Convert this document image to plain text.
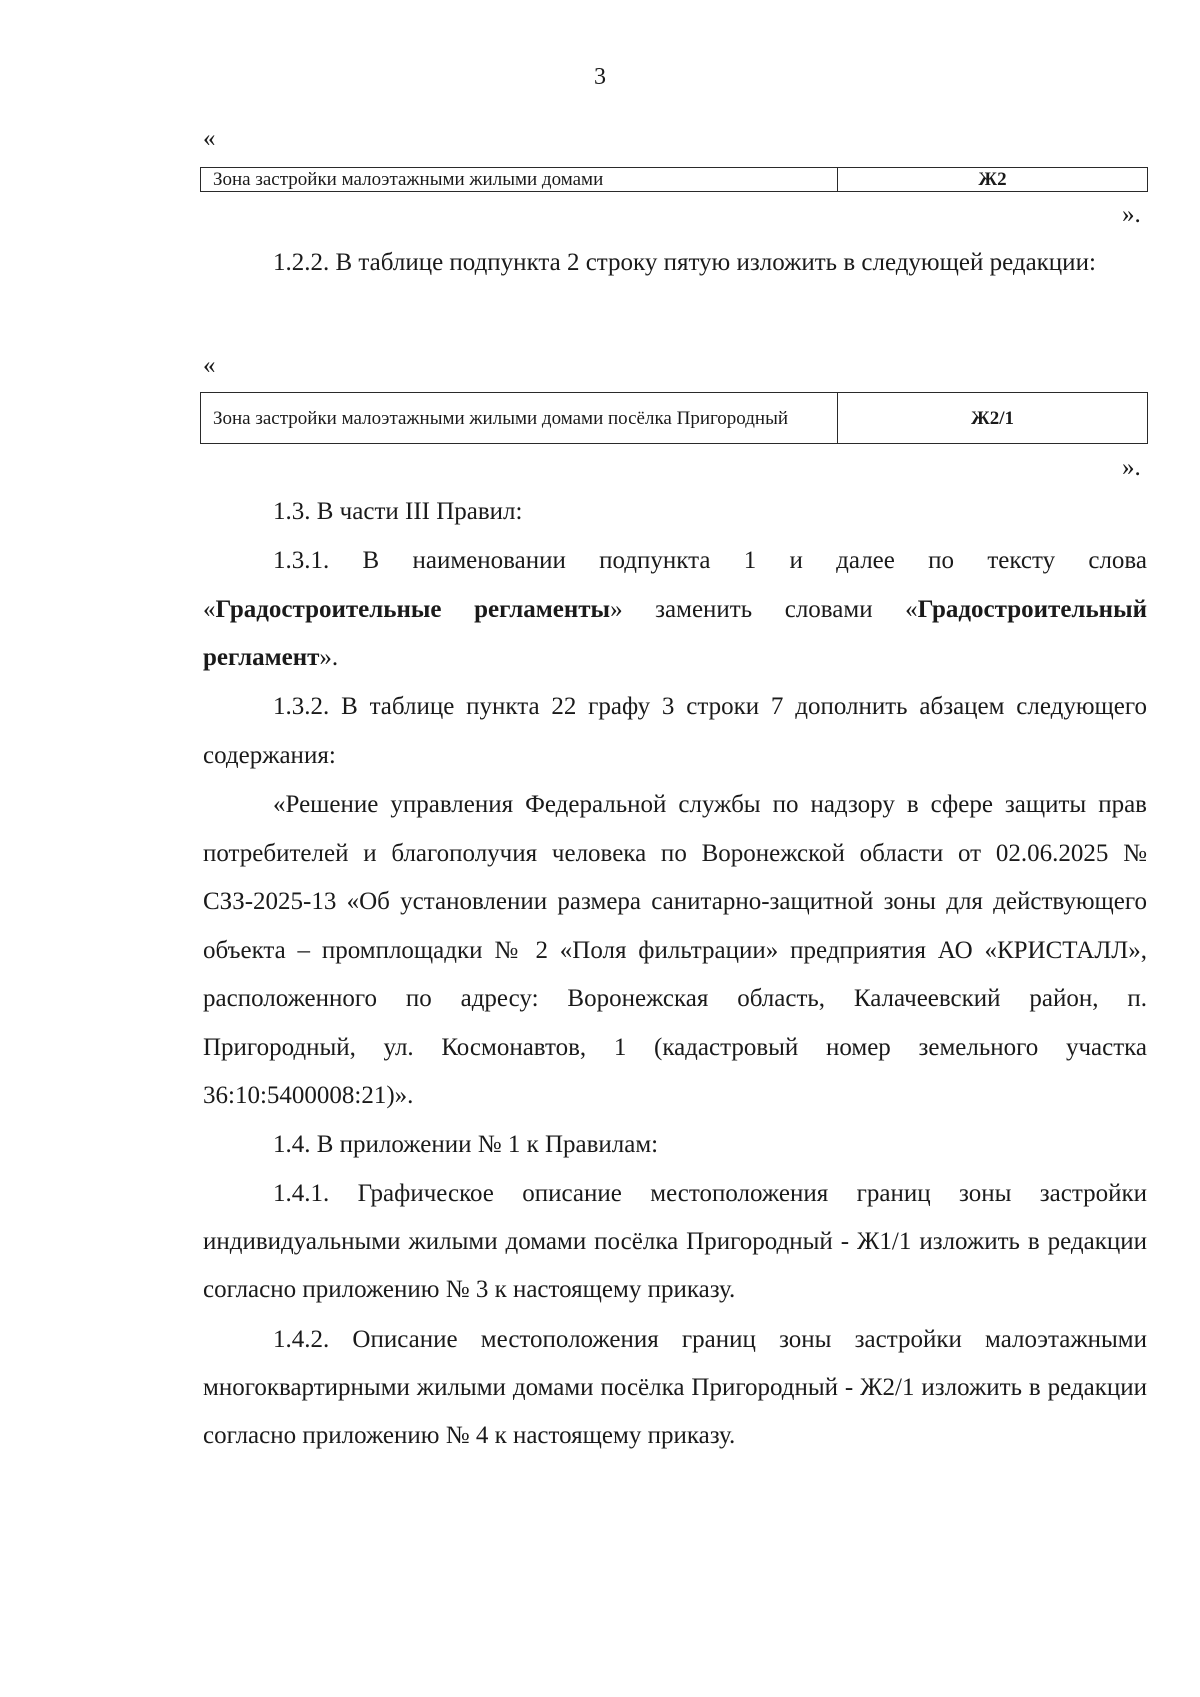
3
«
Зона застройки малоэтажными жилыми домами	Ж2
».

1.2.2. В таблице подпункта 2 строку пятую изложить в следующей редакции:

«
Зона застройки малоэтажными жилыми домами посёлка Пригородный	Ж2/1
».

1.3. В части III Правил:

1.3.1. В наименовании подпункта 1 и далее по тексту слова «Градостроительные регламенты» заменить словами «Градостроительный регламент».

1.3.2. В таблице пункта 22 графу 3 строки 7 дополнить абзацем следующего содержания:

«Решение управления Федеральной службы по надзору в сфере защиты прав потребителей и благополучия человека по Воронежской области от 02.06.2025 № СЗЗ-2025-13 «Об установлении размера санитарно-защитной зоны для действующего объекта – промплощадки № 2 «Поля фильтрации» предприятия АО «КРИСТАЛЛ», расположенного по адресу: Воронежская область, Калачеевский район, п. Пригородный, ул. Космонавтов, 1 (кадастровый номер земельного участка 36:10:5400008:21)».

1.4. В приложении № 1 к Правилам:

1.4.1. Графическое описание местоположения границ зоны застройки индивидуальными жилыми домами посёлка Пригородный - Ж1/1 изложить в редакции согласно приложению № 3 к настоящему приказу.

1.4.2. Описание местоположения границ зоны застройки малоэтажными многоквартирными жилыми домами посёлка Пригородный - Ж2/1 изложить в редакции согласно приложению № 4 к настоящему приказу.
